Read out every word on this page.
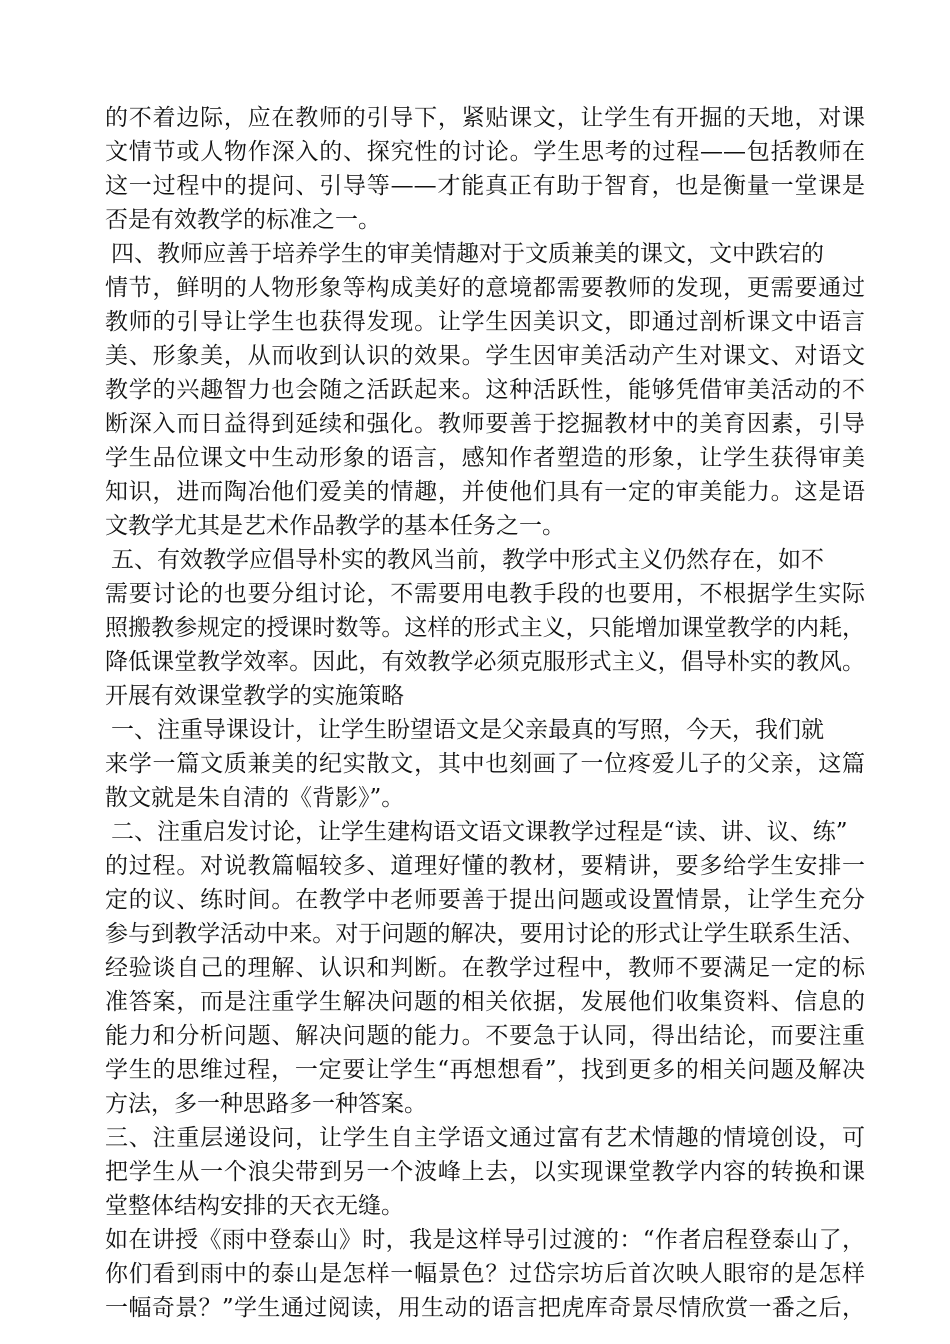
的不着边际，应在教师的引导下，紧贴课文，让学生有开掘的天地，对课
文情节或人物作深入的、探究性的讨论。学生思考的过程——包括教师在
这一过程中的提问、引导等——才能真正有助于智育，也是衡量一堂课是
否是有效教学的标准之一。
四、教师应善于培养学生的审美情趣对于文质兼美的课文，文中跌宕的
情节，鲜明的人物形象等构成美好的意境都需要教师的发现，更需要通过
教师的引导让学生也获得发现。让学生因美识文，即通过剖析课文中语言
美、形象美，从而收到认识的效果。学生因审美活动产生对课文、对语文
教学的兴趣智力也会随之活跃起来。这种活跃性，能够凭借审美活动的不
断深入而日益得到延续和强化。教师要善于挖掘教材中的美育因素，引导
学生品位课文中生动形象的语言，感知作者塑造的形象，让学生获得审美
知识，进而陶冶他们爱美的情趣，并使他们具有一定的审美能力。这是语
文教学尤其是艺术作品教学的基本任务之一。
五、有效教学应倡导朴实的教风当前，教学中形式主义仍然存在，如不
需要讨论的也要分组讨论，不需要用电教手段的也要用，不根据学生实际
照搬教参规定的授课时数等。这样的形式主义，只能增加课堂教学的内耗，
降低课堂教学效率。因此，有效教学必须克服形式主义，倡导朴实的教风。
开展有效课堂教学的实施策略
一、注重导课设计，让学生盼望语文是父亲最真的写照，今天，我们就
来学一篇文质兼美的纪实散文，其中也刻画了一位疼爱儿子的父亲，这篇
散文就是朱自清的《背影》”。
二、注重启发讨论，让学生建构语文语文课教学过程是“读、讲、议、练”
的过程。对说教篇幅较多、道理好懂的教材，要精讲，要多给学生安排一
定的议、练时间。在教学中老师要善于提出问题或设置情景，让学生充分
参与到教学活动中来。对于问题的解决，要用讨论的形式让学生联系生活、
经验谈自己的理解、认识和判断。在教学过程中，教师不要满足一定的标
准答案，而是注重学生解决问题的相关依据，发展他们收集资料、信息的
能力和分析问题、解决问题的能力。不要急于认同，得出结论，而要注重
学生的思维过程，一定要让学生“再想想看”，找到更多的相关问题及解决
方法，多一种思路多一种答案。
三、注重层递设问，让学生自主学语文通过富有艺术情趣的情境创设，可
把学生从一个浪尖带到另一个波峰上去，以实现课堂教学内容的转换和课
堂整体结构安排的天衣无缝。
如在讲授《雨中登泰山》时，我是这样导引过渡的：“作者启程登泰山了，
你们看到雨中的泰山是怎样一幅景色？过岱宗坊后首次映人眼帘的是怎样
一幅奇景？”学生通过阅读，用生动的语言把虎库奇景尽情欣赏一番之后，
